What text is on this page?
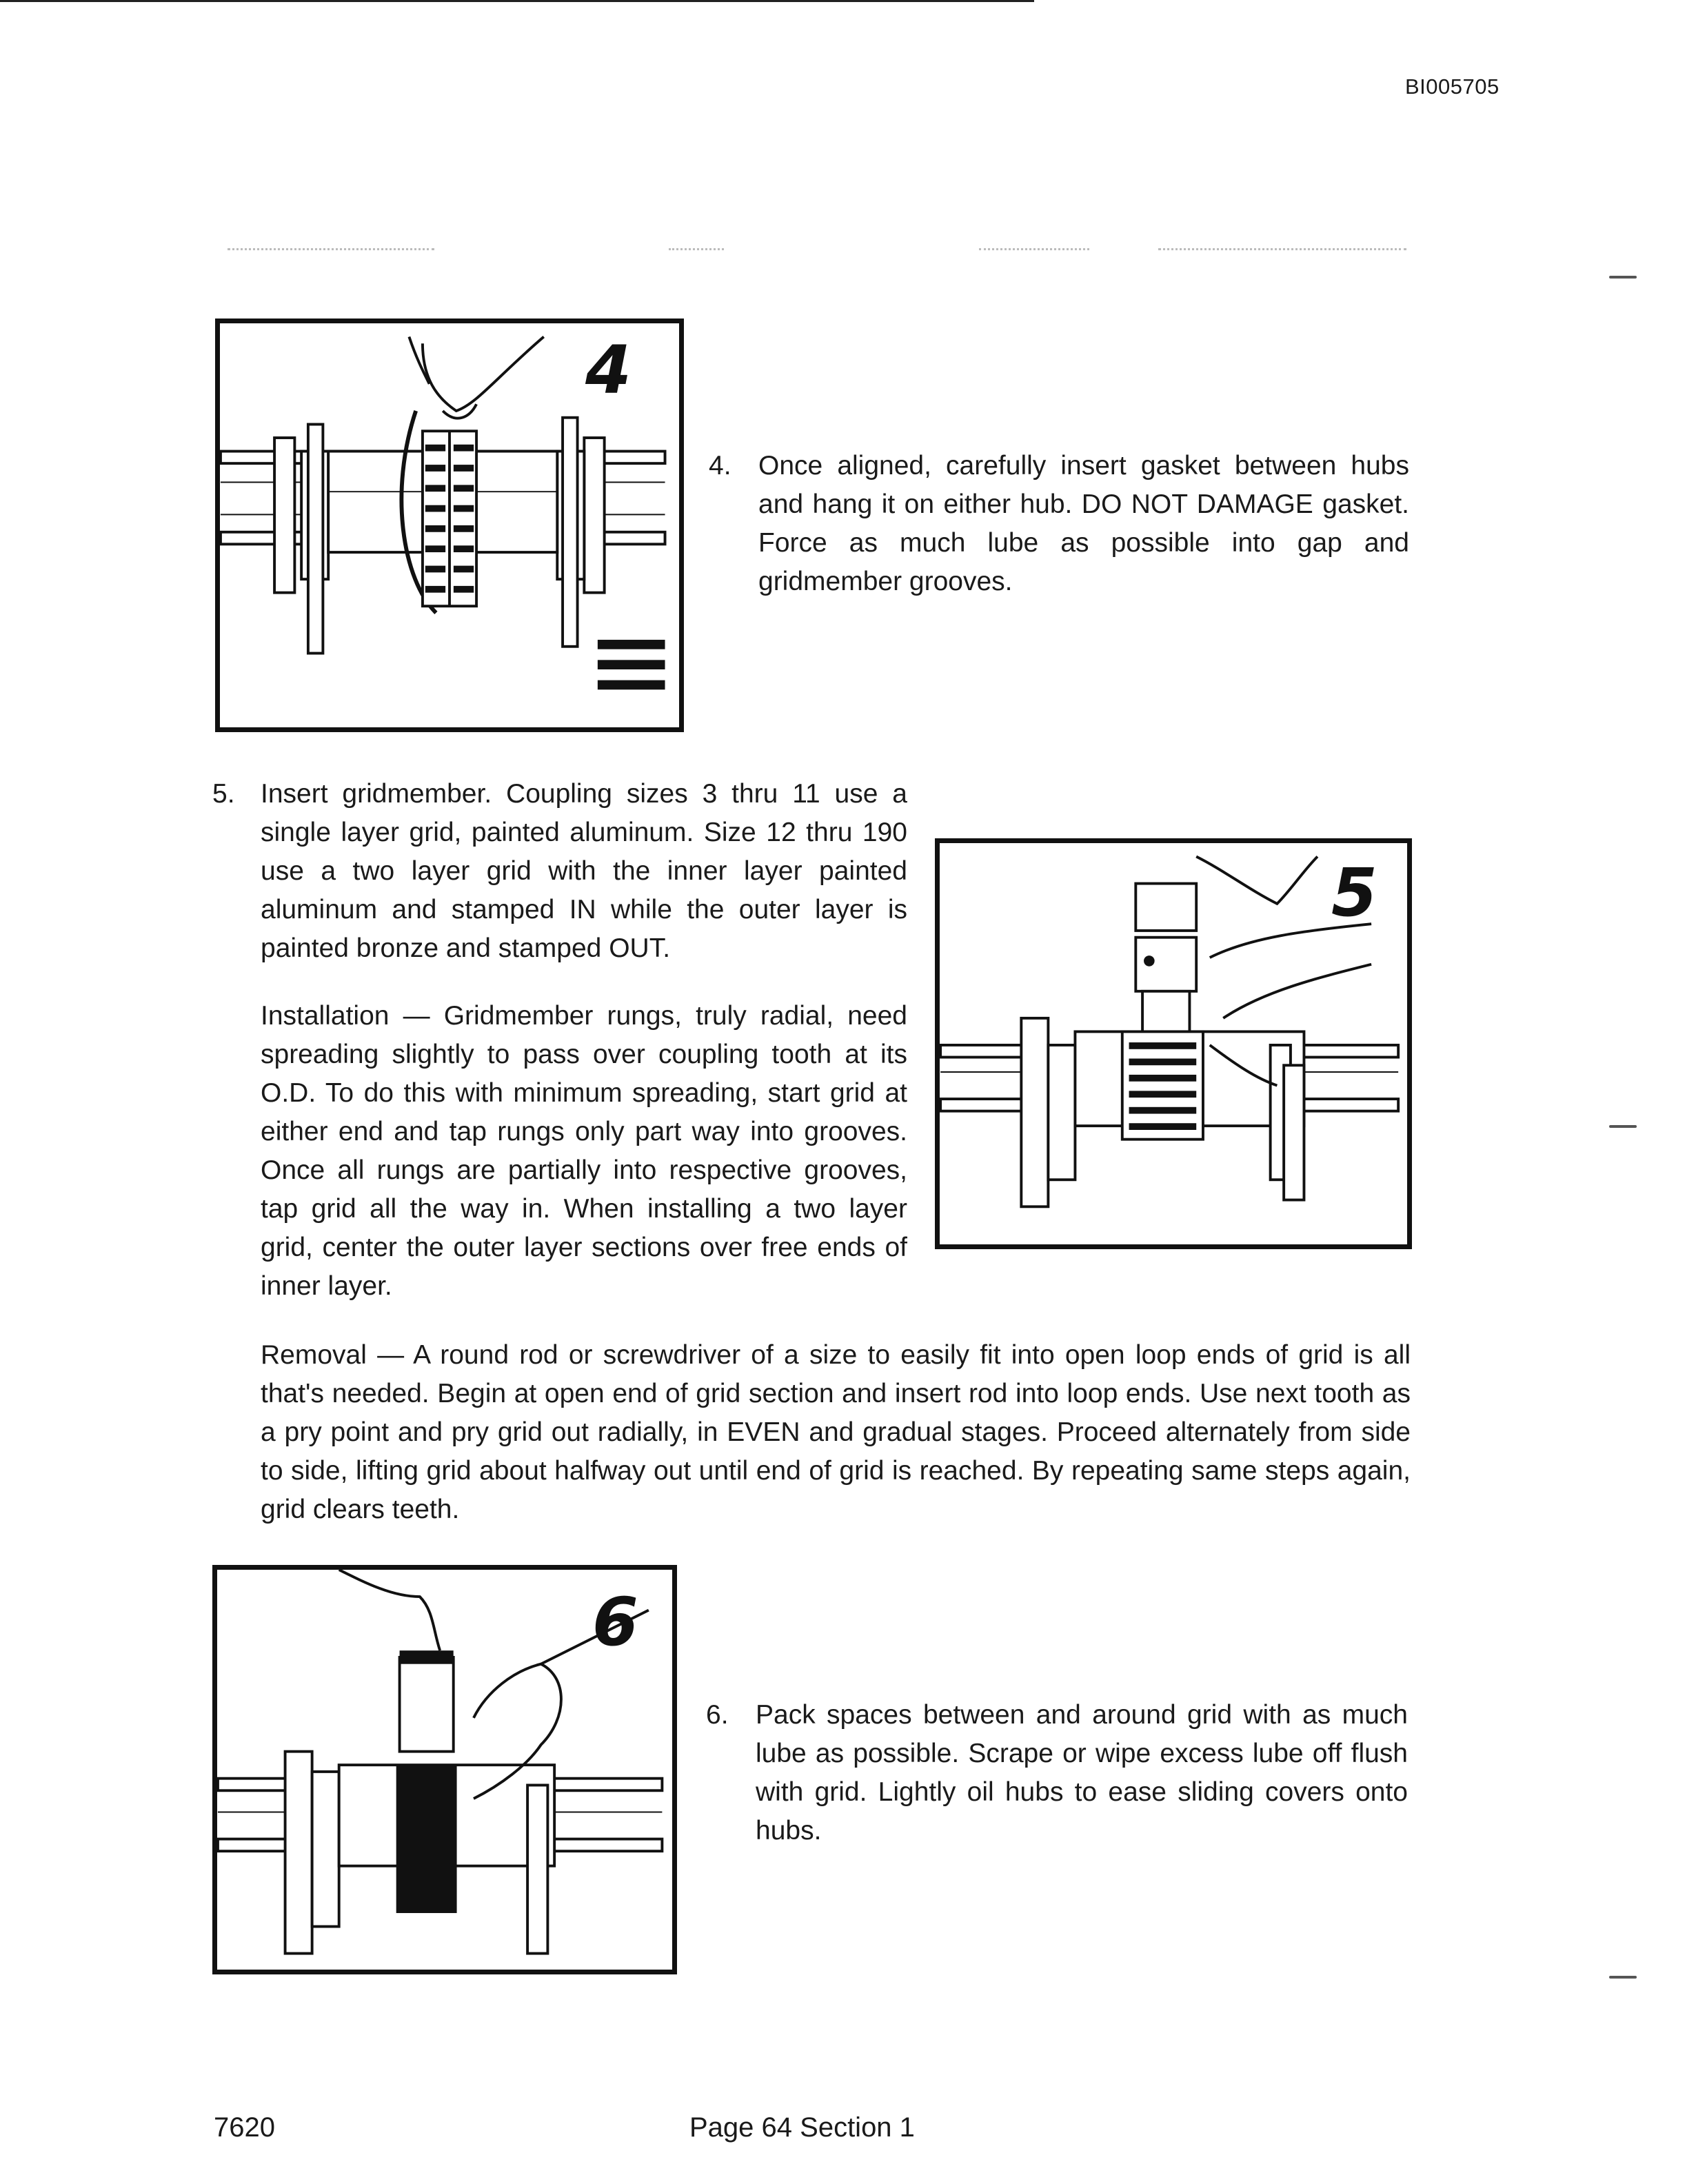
BI005705
4
4. Once aligned, carefully insert gasket between hubs and hang it on either hub. DO NOT DAMAGE gasket. Force as much lube as possible into gap and gridmember grooves.
5. Insert gridmember. Coupling sizes 3 thru 11 use a single layer grid, painted aluminum. Size 12 thru 190 use a two layer grid with the inner layer painted aluminum and stamped IN while the outer layer is painted bronze and stamped OUT.
Installation — Gridmember rungs, truly radial, need spreading slightly to pass over coupling tooth at its O.D. To do this with minimum spreading, start grid at either end and tap rungs only part way into grooves. Once all rungs are partially into respective grooves, tap grid all the way in. When installing a two layer grid, center the outer layer sections over free ends of inner layer.
5
Removal — A round rod or screwdriver of a size to easily fit into open loop ends of grid is all that's needed. Begin at open end of grid section and insert rod into loop ends. Use next tooth as a pry point and pry grid out radially, in EVEN and gradual stages. Proceed alternately from side to side, lifting grid about halfway out until end of grid is reached. By repeating same steps again, grid clears teeth.
6
6. Pack spaces between and around grid with as much lube as possible. Scrape or wipe excess lube off flush with grid. Lightly oil hubs to ease sliding covers onto hubs.
7620	Page 64 Section 1
